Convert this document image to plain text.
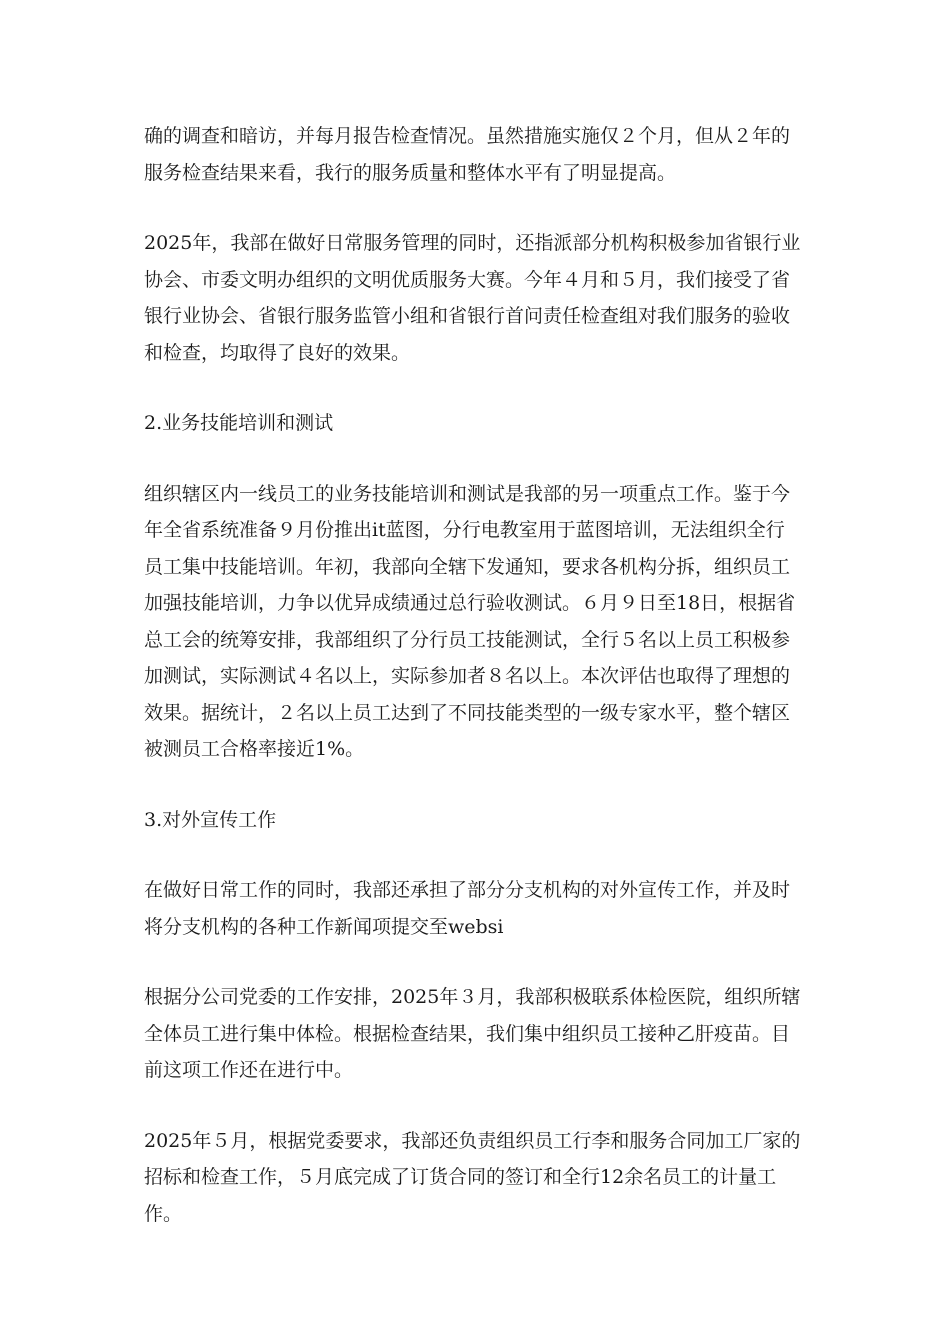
确的调查和暗访，并每月报告检查情况。虽然措施实施仅２个月，但从２年的
服务检查结果来看，我行的服务质量和整体水平有了明显提高。

2025年，我部在做好日常服务管理的同时，还指派部分机构积极参加省银行业
协会、市委文明办组织的文明优质服务大赛。今年４月和５月，我们接受了省
银行业协会、省银行服务监管小组和省银行首问责任检查组对我们服务的验收
和检查，均取得了良好的效果。

2.业务技能培训和测试

组织辖区内一线员工的业务技能培训和测试是我部的另一项重点工作。鉴于今
年全省系统准备９月份推出it蓝图，分行电教室用于蓝图培训，无法组织全行
员工集中技能培训。年初，我部向全辖下发通知，要求各机构分拆，组织员工
加强技能培训，力争以优异成绩通过总行验收测试。６月９日至18日，根据省
总工会的统筹安排，我部组织了分行员工技能测试，全行５名以上员工积极参
加测试，实际测试４名以上，实际参加者８名以上。本次评估也取得了理想的
效果。据统计，２名以上员工达到了不同技能类型的一级专家水平，整个辖区
被测员工合格率接近1%。

3.对外宣传工作

在做好日常工作的同时，我部还承担了部分分支机构的对外宣传工作，并及时
将分支机构的各种工作新闻项提交至websi

根据分公司党委的工作安排，2025年３月，我部积极联系体检医院，组织所辖
全体员工进行集中体检。根据检查结果，我们集中组织员工接种乙肝疫苗。目
前这项工作还在进行中。

2025年５月，根据党委要求，我部还负责组织员工行李和服务合同加工厂家的
招标和检查工作，５月底完成了订货合同的签订和全行12余名员工的计量工作。
